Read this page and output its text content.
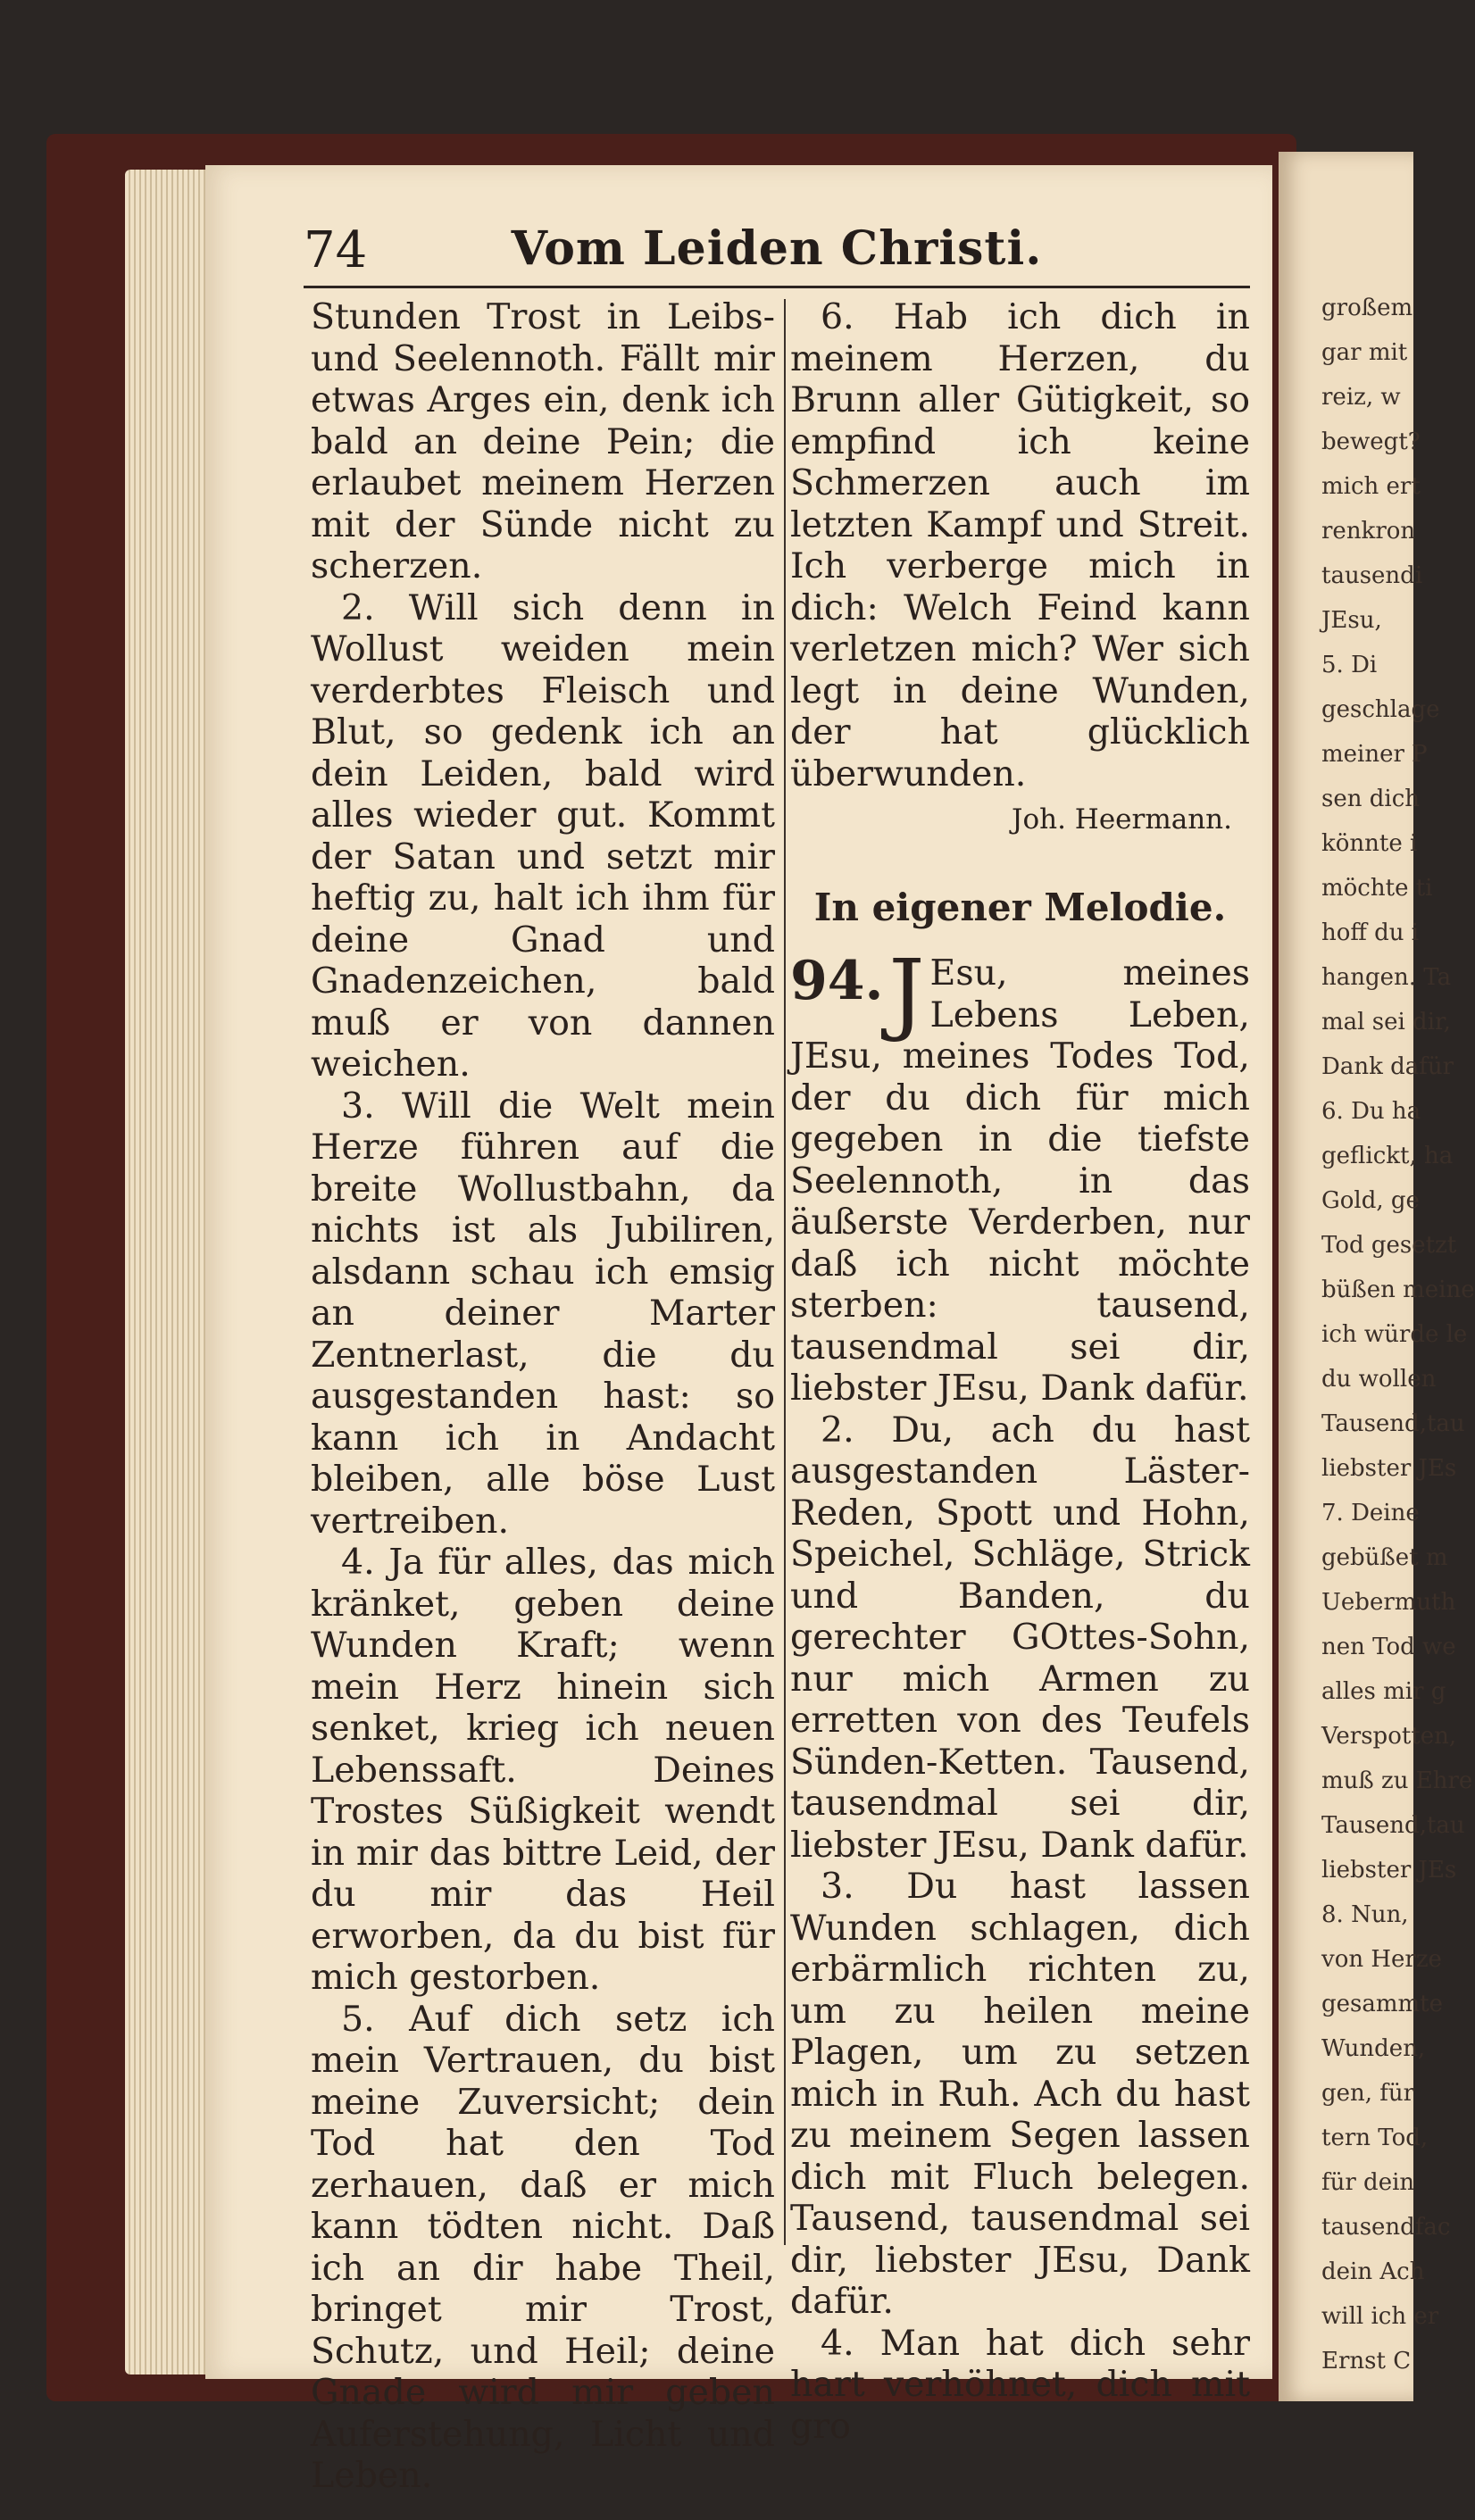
großem
gar mit
reiz, w
bewegt?
mich ert
renkron
tausendi
JEsu,
5. Di
geschlage
meiner P
sen dich
könnte i
möchte ti
hoff du i
hangen. Ta
mal sei dir,
Dank dafür
6. Du ha
geflickt, ha
Gold, ge
Tod gesetzt
büßen meine
ich würde le
du wollen
Tausend,tau
liebster JEs
7. Deine
gebüßet m
Uebermuth
nen Tod we
alles mir g
Verspotten,
muß zu Ehre
Tausend,tau
liebster JEs
8. Nun,
von Herze
gesammte
Wunden,
gen, für
tern Tod,
für dein
tausendfac
dein Ach
will ich er
Ernst C
74	Vom Leiden Christi.

Stunden Trost in Leibs- und Seelennoth. Fällt mir etwas Arges ein, denk ich bald an deine Pein; die erlaubet meinem Herzen mit der Sünde nicht zu scherzen.

2. Will sich denn in Wollust weiden mein verderbtes Fleisch und Blut, so gedenk ich an dein Leiden, bald wird alles wieder gut. Kommt der Satan und setzt mir heftig zu, halt ich ihm für deine Gnad und Gnadenzeichen, bald muß er von dannen weichen.

3. Will die Welt mein Herze führen auf die breite Wollustbahn, da nichts ist als Jubiliren, alsdann schau ich emsig an deiner Marter Zentnerlast, die du ausgestanden hast: so kann ich in Andacht bleiben, alle böse Lust vertreiben.

4. Ja für alles, das mich kränket, geben deine Wunden Kraft; wenn mein Herz hinein sich senket, krieg ich neuen Lebenssaft. Deines Trostes Süßigkeit wendt in mir das bittre Leid, der du mir das Heil erworben, da du bist für mich gestorben.

5. Auf dich setz ich mein Vertrauen, du bist meine Zuversicht; dein Tod hat den Tod zerhauen, daß er mich kann tödten nicht. Daß ich an dir habe Theil, bringet mir Trost, Schutz, und Heil; deine Gnade wird mir geben Auferstehung, Licht und Leben.

6. Hab ich dich in meinem Herzen, du Brunn aller Gütigkeit, so empfind ich keine Schmerzen auch im letzten Kampf und Streit. Ich verberge mich in dich: Welch Feind kann verletzen mich? Wer sich legt in deine Wunden, der hat glücklich überwunden.

Joh. Heermann.
In eigener Melodie.
94. J Esu, meines Lebens Leben, JEsu, meines Todes Tod, der du dich für mich gegeben in die tiefste Seelennoth, in das äußerste Verderben, nur daß ich nicht möchte sterben: tausend, tausendmal sei dir, liebster JEsu, Dank dafür.

2. Du, ach du hast ausgestanden Läster-Reden, Spott und Hohn, Speichel, Schläge, Strick und Banden, du gerechter GOttes-Sohn, nur mich Armen zu erretten von des Teufels Sünden-Ketten. Tausend, tausendmal sei dir, liebster JEsu, Dank dafür.

3. Du hast lassen Wunden schlagen, dich erbärmlich richten zu, um zu heilen meine Plagen, um zu setzen mich in Ruh. Ach du hast zu meinem Segen lassen dich mit Fluch belegen. Tausend, tausendmal sei dir, liebster JEsu, Dank dafür.

4. Man hat dich sehr hart verhöhnet, dich mit gro
